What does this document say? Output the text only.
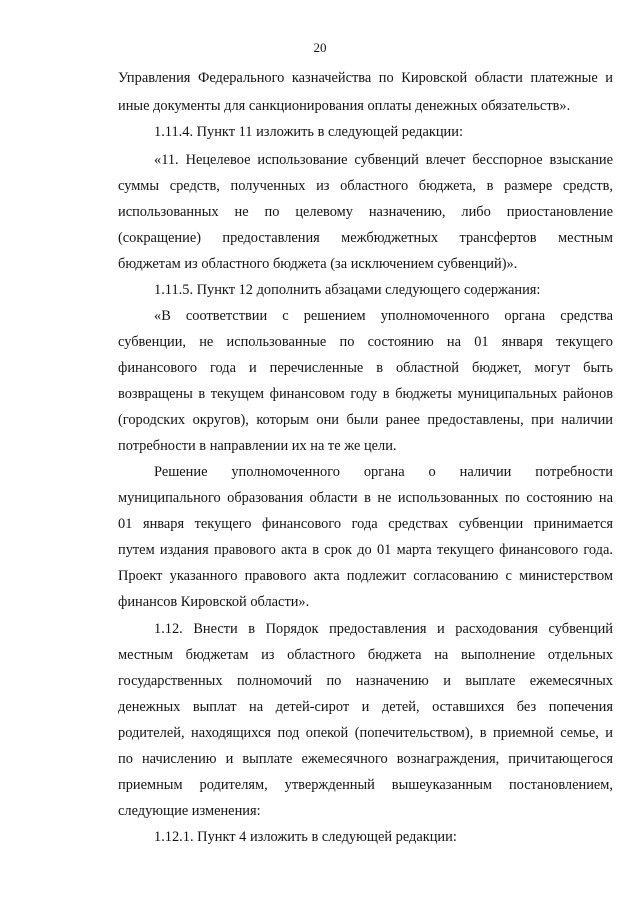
20
Управления Федерального казначейства по Кировской области платежные и
иные документы для санкционирования оплаты денежных обязательств».
1.11.4. Пункт 11 изложить в следующей редакции:
«11. Нецелевое использование субвенций влечет бесспорное взыскание
суммы средств, полученных из областного бюджета, в размере средств,
использованных не по целевому назначению, либо приостановление
(сокращение) предоставления межбюджетных трансфертов местным
бюджетам из областного бюджета (за исключением субвенций)».
1.11.5. Пункт 12 дополнить абзацами следующего содержания:
«В соответствии с решением уполномоченного органа средства
субвенции, не использованные по состоянию на 01 января текущего
финансового года и перечисленные в областной бюджет, могут быть
возвращены в текущем финансовом году в бюджеты муниципальных районов
(городских округов), которым они были ранее предоставлены, при наличии
потребности в направлении их на те же цели.
Решение уполномоченного органа о наличии потребности
муниципального образования области в не использованных по состоянию на
01 января текущего финансового года средствах субвенции принимается
путем издания правового акта в срок до 01 марта текущего финансового года.
Проект указанного правового акта подлежит согласованию с министерством
финансов Кировской области».
1.12. Внести в Порядок предоставления и расходования субвенций
местным бюджетам из областного бюджета на выполнение отдельных
государственных полномочий по назначению и выплате ежемесячных
денежных выплат на детей-сирот и детей, оставшихся без попечения
родителей, находящихся под опекой (попечительством), в приемной семье, и
по начислению и выплате ежемесячного вознаграждения, причитающегося
приемным родителям, утвержденный вышеуказанным постановлением,
следующие изменения:
1.12.1. Пункт 4 изложить в следующей редакции:
